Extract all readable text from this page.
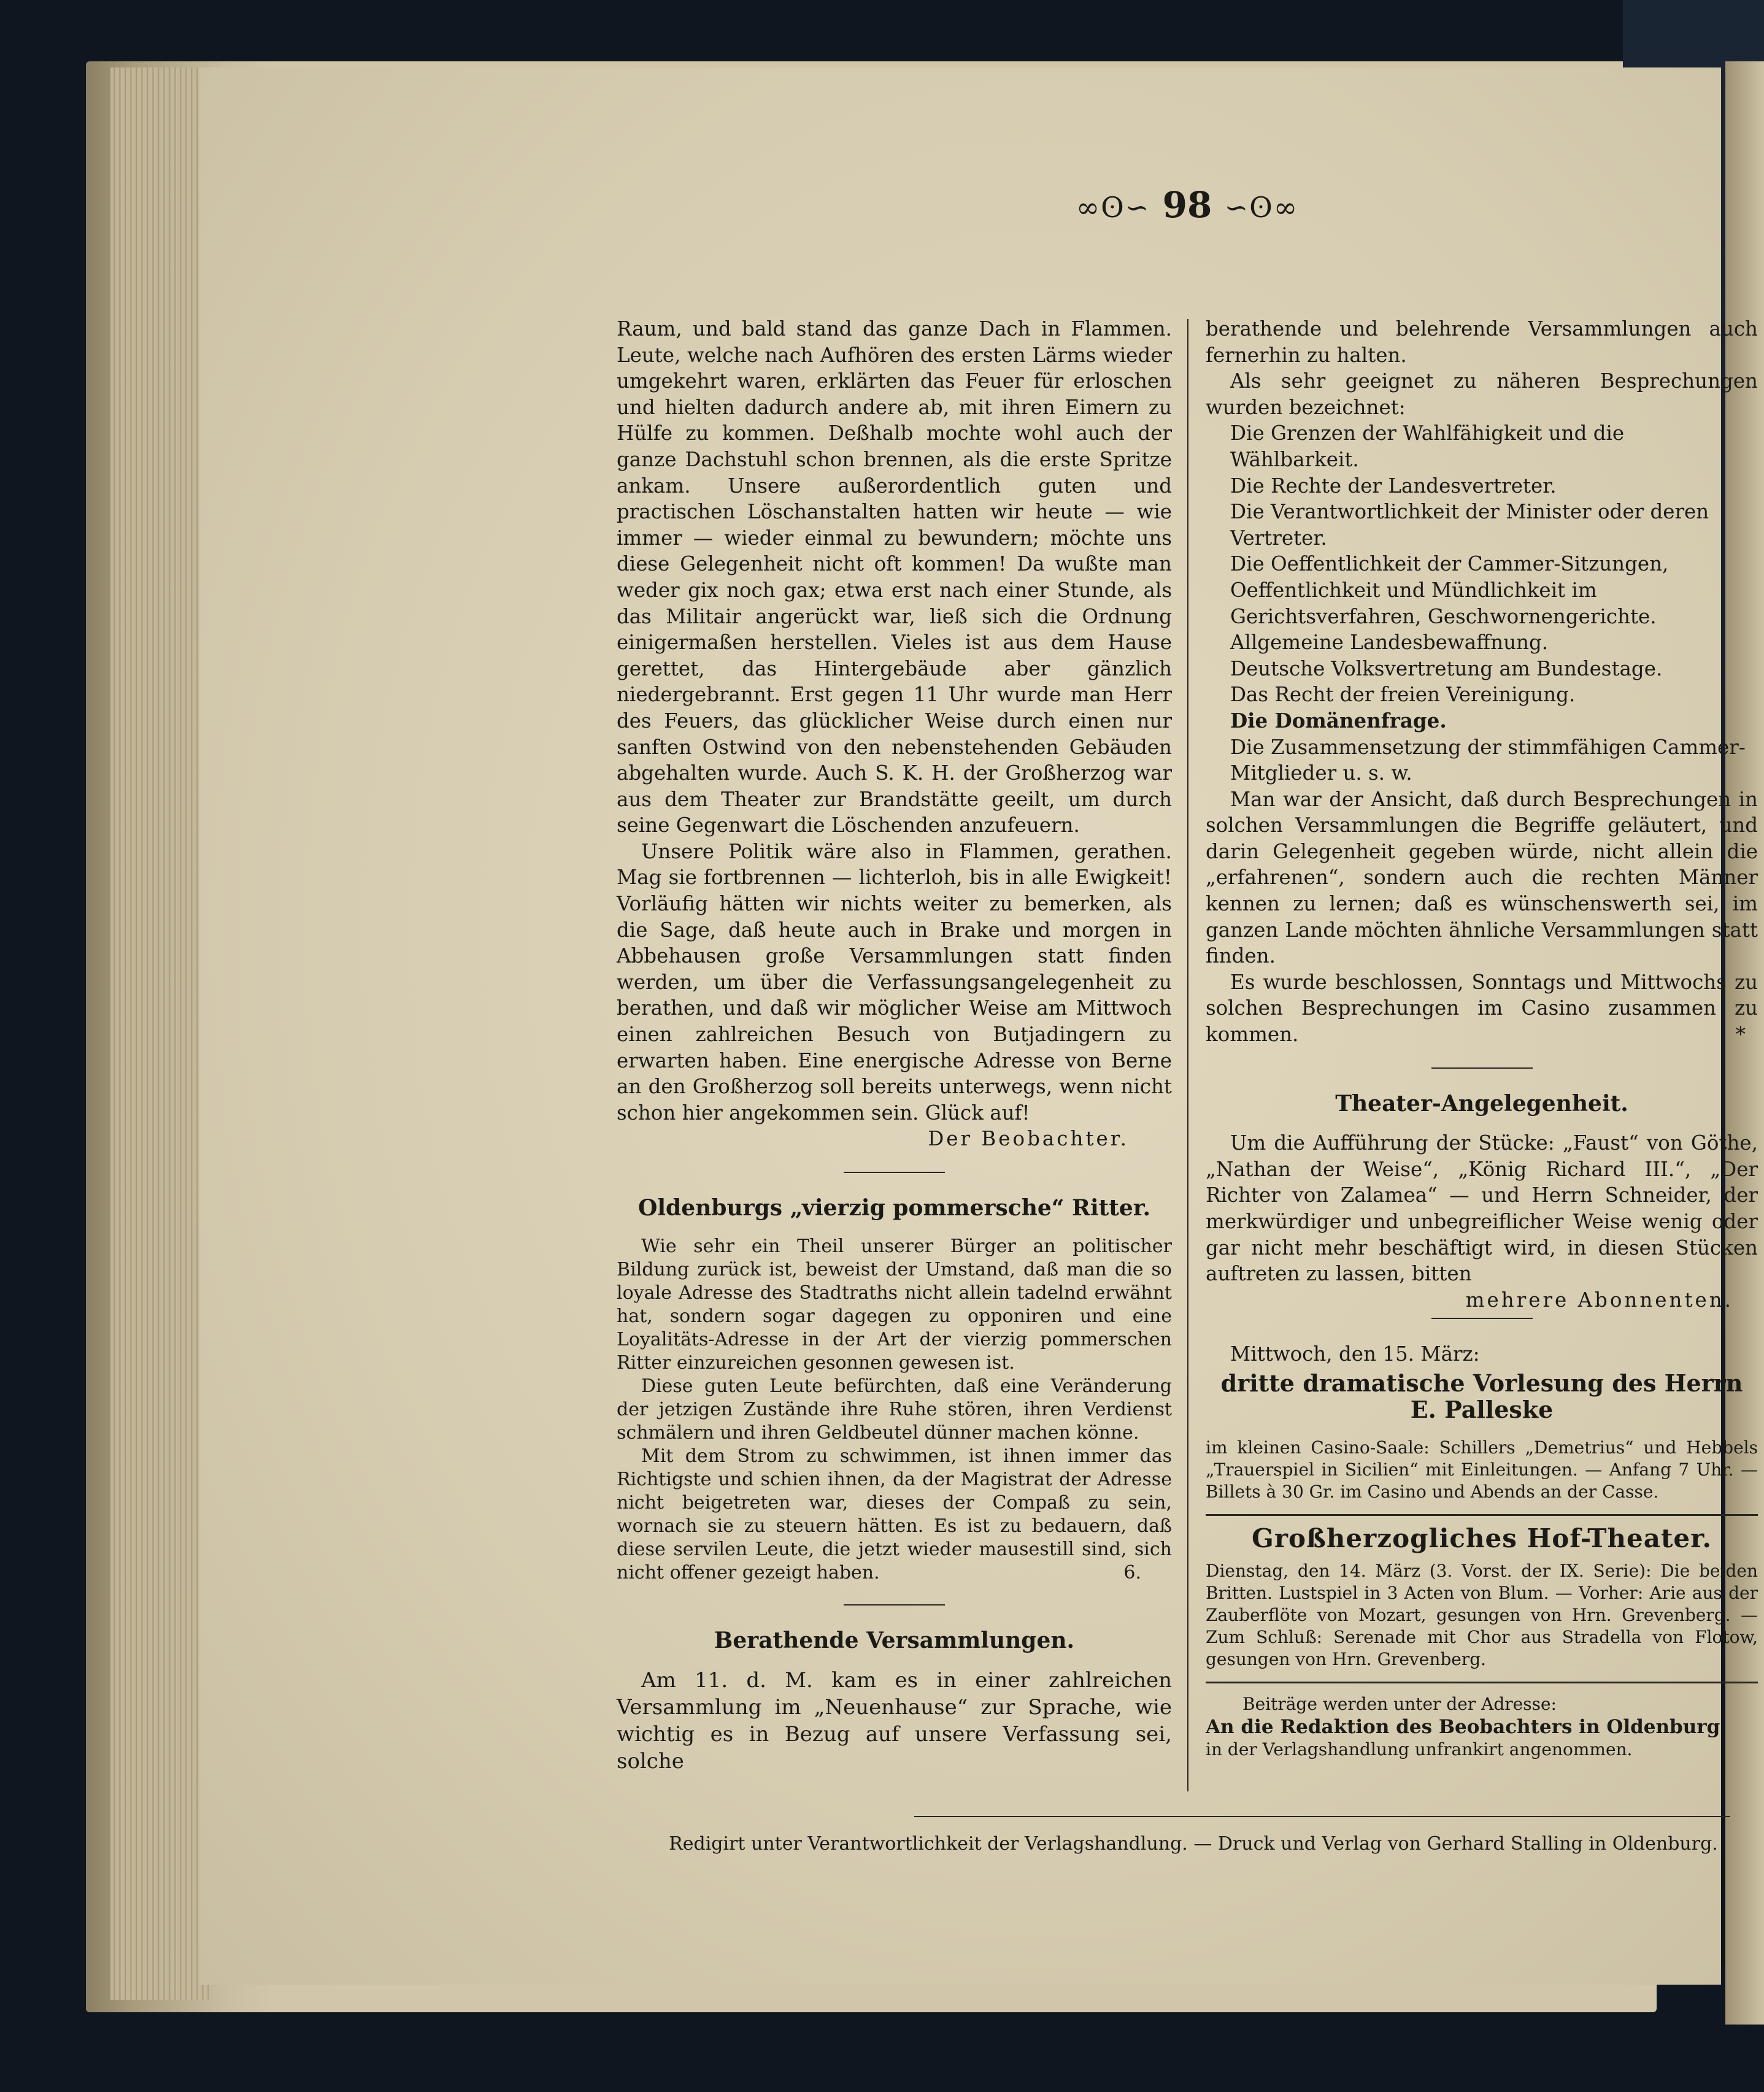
∞ʘ∽ 98 ∽ʘ∞

Raum, und bald stand das ganze Dach in Flammen. Leute, welche nach Aufhören des ersten Lärms wieder umgekehrt waren, erklärten das Feuer für erloschen und hielten dadurch andere ab, mit ihren Eimern zu Hülfe zu kommen. Deßhalb mochte wohl auch der ganze Dachstuhl schon brennen, als die erste Spritze ankam. Unsere außerordentlich guten und practischen Löschanstalten hatten wir heute — wie immer — wieder einmal zu bewundern; möchte uns diese Gelegenheit nicht oft kommen! Da wußte man weder gix noch gax; etwa erst nach einer Stunde, als das Militair angerückt war, ließ sich die Ordnung einigermaßen herstellen. Vieles ist aus dem Hause gerettet, das Hintergebäude aber gänzlich niedergebrannt. Erst gegen 11 Uhr wurde man Herr des Feuers, das glücklicher Weise durch einen nur sanften Ostwind von den nebenstehenden Gebäuden abgehalten wurde. Auch S. K. H. der Großherzog war aus dem Theater zur Brandstätte geeilt, um durch seine Gegenwart die Löschenden anzufeuern.

Unsere Politik wäre also in Flammen, gerathen. Mag sie fortbrennen — lichterloh, bis in alle Ewigkeit! Vorläufig hätten wir nichts weiter zu bemerken, als die Sage, daß heute auch in Brake und morgen in Abbehausen große Versammlungen statt finden werden, um über die Verfassungsangelegenheit zu berathen, und daß wir möglicher Weise am Mittwoch einen zahlreichen Besuch von Butjadingern zu erwarten haben. Eine energische Adresse von Berne an den Großherzog soll bereits unterwegs, wenn nicht schon hier angekommen sein. Glück auf!

Der Beobachter.

Oldenburgs „vierzig pommersche“ Ritter.

Wie sehr ein Theil unserer Bürger an politischer Bildung zurück ist, beweist der Umstand, daß man die so loyale Adresse des Stadtraths nicht allein tadelnd erwähnt hat, sondern sogar dagegen zu opponiren und eine Loyalitäts-Adresse in der Art der vierzig pommerschen Ritter einzureichen gesonnen gewesen ist.

Diese guten Leute befürchten, daß eine Veränderung der jetzigen Zustände ihre Ruhe stören, ihren Verdienst schmälern und ihren Geldbeutel dünner machen könne.

Mit dem Strom zu schwimmen, ist ihnen immer das Richtigste und schien ihnen, da der Magistrat der Adresse nicht beigetreten war, dieses der Compaß zu sein, wornach sie zu steuern hätten. Es ist zu bedauern, daß diese servilen Leute, die jetzt wieder mausestill sind, sich nicht offener gezeigt haben.	6.

Berathende Versammlungen.

Am 11. d. M. kam es in einer zahlreichen Versammlung im „Neuenhause“ zur Sprache, wie wichtig es in Bezug auf unsere Verfassung sei, solche

berathende und belehrende Versammlungen auch fernerhin zu halten.

Als sehr geeignet zu näheren Besprechungen wurden bezeichnet:

Die Grenzen der Wahlfähigkeit und die Wählbarkeit.

Die Rechte der Landesvertreter.

Die Verantwortlichkeit der Minister oder deren Vertreter.

Die Oeffentlichkeit der Cammer-Sitzungen, Oeffentlichkeit und Mündlichkeit im Gerichtsverfahren, Geschwornengerichte. Allgemeine Landesbewaffnung.

Deutsche Volksvertretung am Bundestage.

Das Recht der freien Vereinigung.

Die Domänenfrage.

Die Zusammensetzung der stimmfähigen Cammer-Mitglieder u. s. w.

Man war der Ansicht, daß durch Besprechungen in solchen Versammlungen die Begriffe geläutert, und darin Gelegenheit gegeben würde, nicht allein die „erfahrenen“, sondern auch die rechten Männer kennen zu lernen; daß es wünschenswerth sei, im ganzen Lande möchten ähnliche Versammlungen statt finden.

Es wurde beschlossen, Sonntags und Mittwochs zu solchen Besprechungen im Casino zusammen zu kommen.	*

Theater-Angelegenheit.

Um die Aufführung der Stücke: „Faust“ von Göthe, „Nathan der Weise“, „König Richard III.“, „Der Richter von Zalamea“ — und Herrn Schneider, der merkwürdiger und unbegreiflicher Weise wenig oder gar nicht mehr beschäftigt wird, in diesen Stücken auftreten zu lassen, bitten
mehrere Abonnenten.

Mittwoch, den 15. März:

dritte dramatische Vorlesung des Herrn

E. Palleske

im kleinen Casino-Saale: Schillers „Demetrius“ und Hebbels „Trauerspiel in Sicilien“ mit Einleitungen. — Anfang 7 Uhr. — Billets à 30 Gr. im Casino und Abends an der Casse.

Großherzogliches Hof-Theater.

Dienstag, den 14. März (3. Vorst. der IX. Serie): Die beiden Britten. Lustspiel in 3 Acten von Blum. — Vorher: Arie aus der Zauberflöte von Mozart, gesungen von Hrn. Grevenberg. — Zum Schluß: Serenade mit Chor aus Stradella von Flotow, gesungen von Hrn. Grevenberg.

Beiträge werden unter der Adresse:

An die Redaktion des Beobachters in Oldenburg

in der Verlagshandlung unfrankirt angenommen.

Redigirt unter Verantwortlichkeit der Verlagshandlung. — Druck und Verlag von Gerhard Stalling in Oldenburg.
